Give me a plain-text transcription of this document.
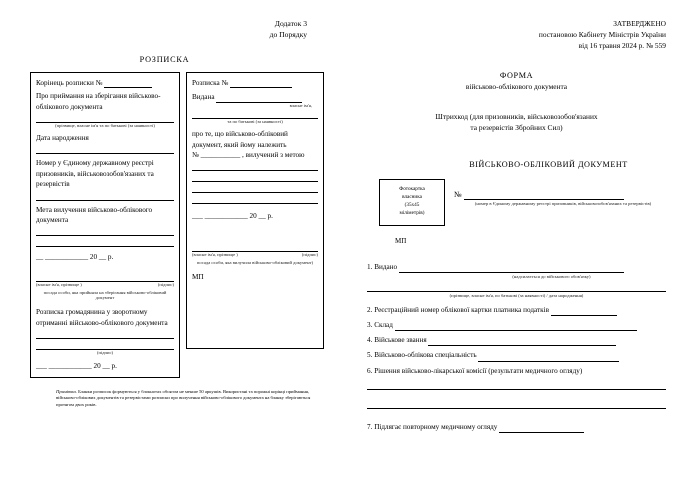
Додаток 3
до Порядку
РОЗПИСКА
Корінець розписки №
Про приймання на зберігання військово-облікового документа
(прізвище, власне ім'я та по батькові (за наявності)
Дата народження
Номер у Єдиному державному реєстрі призовників, військовозобов'язаних та резервістів
Мета вилучення військово-облікового документа
__ ____________ 20 __ р.
(власне ім'я, прізвище )	(підпис)
посада особи, яка прийняла на зберігання військово-обліковий документ
Розписка громадянина у зворотному отриманні військово-облікового документа
(підпис)
___ ____________ 20 __ р.
Розписка №
Видана
власне ім'я,
та по батькові (за наявності)
про те, що військово-обліковий документ, який йому належить
№ ___________ , вилучений з метою
___ ____________ 20 __ р.
(власне ім'я, прізвище )	(підпис)
посада особи, яка вилучила військово-обліковий документ)
МП
Примітка. Бланки розписок формуються у блокнотах обсягом не менше 50 аркушів. Використані та порожні корінці приймання, військово-облікових документів та резервістами розписки про вилучення військово-облікового документа на бланку зберігаються протягом двох років.
ЗАТВЕРДЖЕНО
постановою Кабінету Міністрів України
від 16 травня 2024 р. № 559
ФОРМА
військово-облікового документа
Штрихкод (для призовників, військовозобов'язаних
та резервістів Збройних Сил)
ВІЙСЬКОВО-ОБЛІКОВИЙ ДОКУМЕНТ
Фотокартка
власника
(35х45
міліметрів)
№
(номер в Єдиному державному реєстрі призовників, військовозобов'язаних та резервістів)
МП
1. Видано
(надсилається до військового обов'язку)
(прізвище, власне ім'я, по батькові (за наявності) / дата народження)
2. Реєстраційний номер облікової картки платника податків
3. Склад
4. Військове звання
5. Військово-облікова спеціальність
6. Рішення військово-лікарської комісії (результати медичного огляду)
7. Підлягає повторному медичному огляду
